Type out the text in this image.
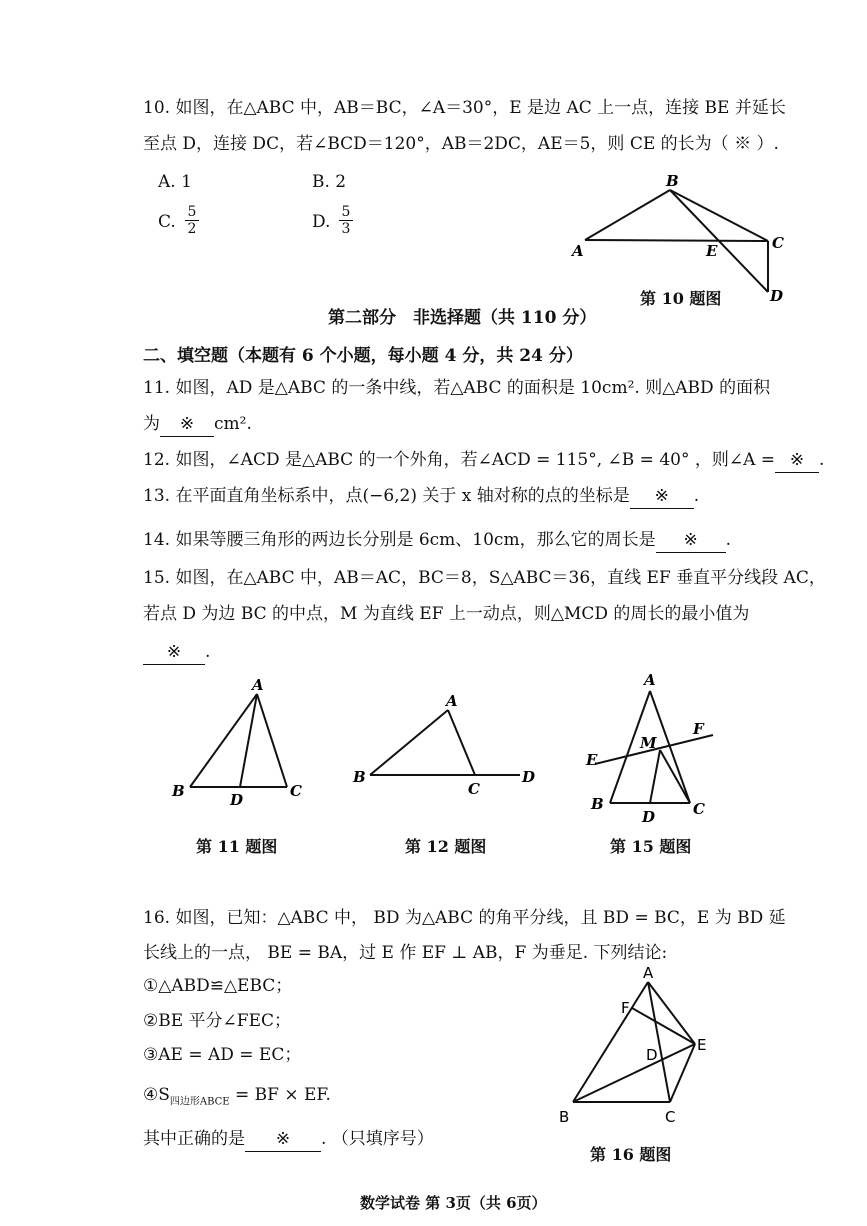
10. 如图，在△ABC 中，AB＝BC，∠A＝30°，E 是边 AC 上一点，连接 BE 并延长
至点 D，连接 DC，若∠BCD＝120°，AB＝2DC，AE＝5，则 CE 的长为（ ※ ）.
A. 1	B. 2
C. 5
2	D. 5
3
B
A	E	C
D
第 10 题图
第二部分　非选择题（共 110 分）
二、填空题（本题有 6 个小题，每小题 4 分，共 24 分）
11. 如图，AD 是△ABC 的一条中线，若△ABC 的面积是 10cm². 则△ABD 的面积
为 ※ cm².
12. 如图，∠ACD 是△ABC 的一个外角，若∠ACD = 115°, ∠B = 40° ，则∠A = ※ .
13. 在平面直角坐标系中，点(−6,2) 关于 x 轴对称的点的坐标是 ※ .
14. 如果等腰三角形的两边长分别是 6cm、10cm，那么它的周长是 ※ .
15. 如图，在△ABC 中，AB＝AC，BC＝8，S△ABC＝36，直线 EF 垂直平分线段 AC，
若点 D 为边 BC 的中点，M 为直线 EF 上一动点，则△MCD 的周长的最小值为
※ .
A
B	D	C
第 11 题图
A
B
C
D
第 12 题图
A
F
M
E
B
D	C
第 15 题图
16. 如图，已知：△ABC 中， BD 为△ABC 的角平分线，且 BD = BC，E 为 BD 延
长线上的一点， BE = BA，过 E 作 EF ⊥ AB，F 为垂足. 下列结论:
①△ABD≌△EBC；
②BE 平分∠FEC；
③AE = AD = EC；
$④S_{四边形ABCE}$ = BF × EF.
其中正确的是 ※ . （只填序号）
A
F
D
E
B	C
第 16 题图
数学试卷 第 3页（共 6页）
